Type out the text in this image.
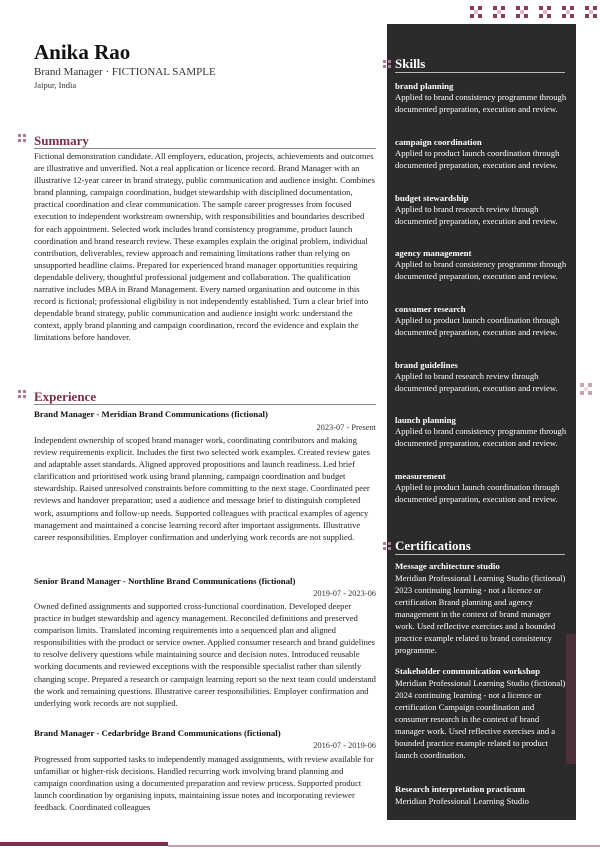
Anika Rao
Brand Manager · FICTIONAL SAMPLE
Jaipur, India
Summary
Fictional demonstration candidate. All employers, education, projects, achievements and outcomes are illustrative and unverified. Not a real application or licence record. Brand Manager with an illustrative 12-year career in brand strategy, public communication and audience insight. Combines brand planning, campaign coordination, budget stewardship with disciplined documentation, practical coordination and clear communication. The sample career progresses from focused execution to independent workstream ownership, with responsibilities and boundaries described for each appointment. Selected work includes brand consistency programme, product launch coordination and brand research review. These examples explain the original problem, individual contribution, deliverables, review approach and remaining limitations rather than relying on unsupported headline claims. Prepared for experienced brand manager opportunities requiring dependable delivery, thoughtful professional judgement and collaboration. The qualification narrative includes MBA in Brand Management. Every named organisation and outcome in this record is fictional; professional eligibility is not independently established. Turn a clear brief into dependable brand strategy, public communication and audience insight work: understand the context, apply brand planning and campaign coordination, record the evidence and explain the limitations before handover.
Experience
Brand Manager - Meridian Brand Communications (fictional)
2023-07 - Present
Independent ownership of scoped brand manager work, coordinating contributors and making review requirements explicit. Includes the first two selected work examples. Created review gates and adaptable asset standards. Aligned approved propositions and launch readiness. Led brief clarification and prioritised work using brand planning, campaign coordination and budget stewardship. Raised unresolved constraints before committing to the next stage. Coordinated peer reviews and handover preparation; used a audience and message brief to distinguish completed work, assumptions and follow-up needs. Supported colleagues with practical examples of agency management and maintained a concise learning record after important assignments. Illustrative career responsibilities. Employer confirmation and underlying work records are not supplied.
Senior Brand Manager - Northline Brand Communications (fictional)
2019-07 - 2023-06
Owned defined assignments and supported cross-functional coordination. Developed deeper practice in budget stewardship and agency management. Reconciled definitions and preserved comparison limits. Translated incoming requirements into a sequenced plan and aligned responsibilities with the product or service owner. Applied consumer research and brand guidelines to resolve delivery questions while maintaining source and decision notes. Introduced reusable working documents and reviewed exceptions with the responsible specialist rather than silently changing scope. Prepared a research or campaign learning report so the next team could understand the work and remaining questions. Illustrative career responsibilities. Employer confirmation and underlying work records are not supplied.
Brand Manager - Cedarbridge Brand Communications (fictional)
2016-07 - 2019-06
Progressed from supported tasks to independently managed assignments, with review available for unfamiliar or higher-risk decisions. Handled recurring work involving brand planning and campaign coordination using a documented preparation and review process. Supported product launch coordination by organising inputs, maintaining issue notes and incorporating reviewer feedback. Coordinated colleagues
Skills
brand planning
Applied to brand consistency programme through documented preparation, execution and review.
campaign coordination
Applied to product launch coordination through documented preparation, execution and review.
budget stewardship
Applied to brand research review through documented preparation, execution and review.
agency management
Applied to brand consistency programme through documented preparation, execution and review.
consumer research
Applied to product launch coordination through documented preparation, execution and review.
brand guidelines
Applied to brand research review through documented preparation, execution and review.
launch planning
Applied to brand consistency programme through documented preparation, execution and review.
measurement
Applied to product launch coordination through documented preparation, execution and review.
Certifications
Message architecture studio
Meridian Professional Learning Studio (fictional) 2023 continuing learning - not a licence or certification Brand planning and agency management in the context of brand manager work. Used reflective exercises and a bounded practice example related to brand consistency programme.
Stakeholder communication workshop
Meridian Professional Learning Studio (fictional) 2024 continuing learning - not a licence or certification Campaign coordination and consumer research in the context of brand manager work. Used reflective exercises and a bounded practice example related to product launch coordination.
Research interpretation practicum
Meridian Professional Learning Studio
